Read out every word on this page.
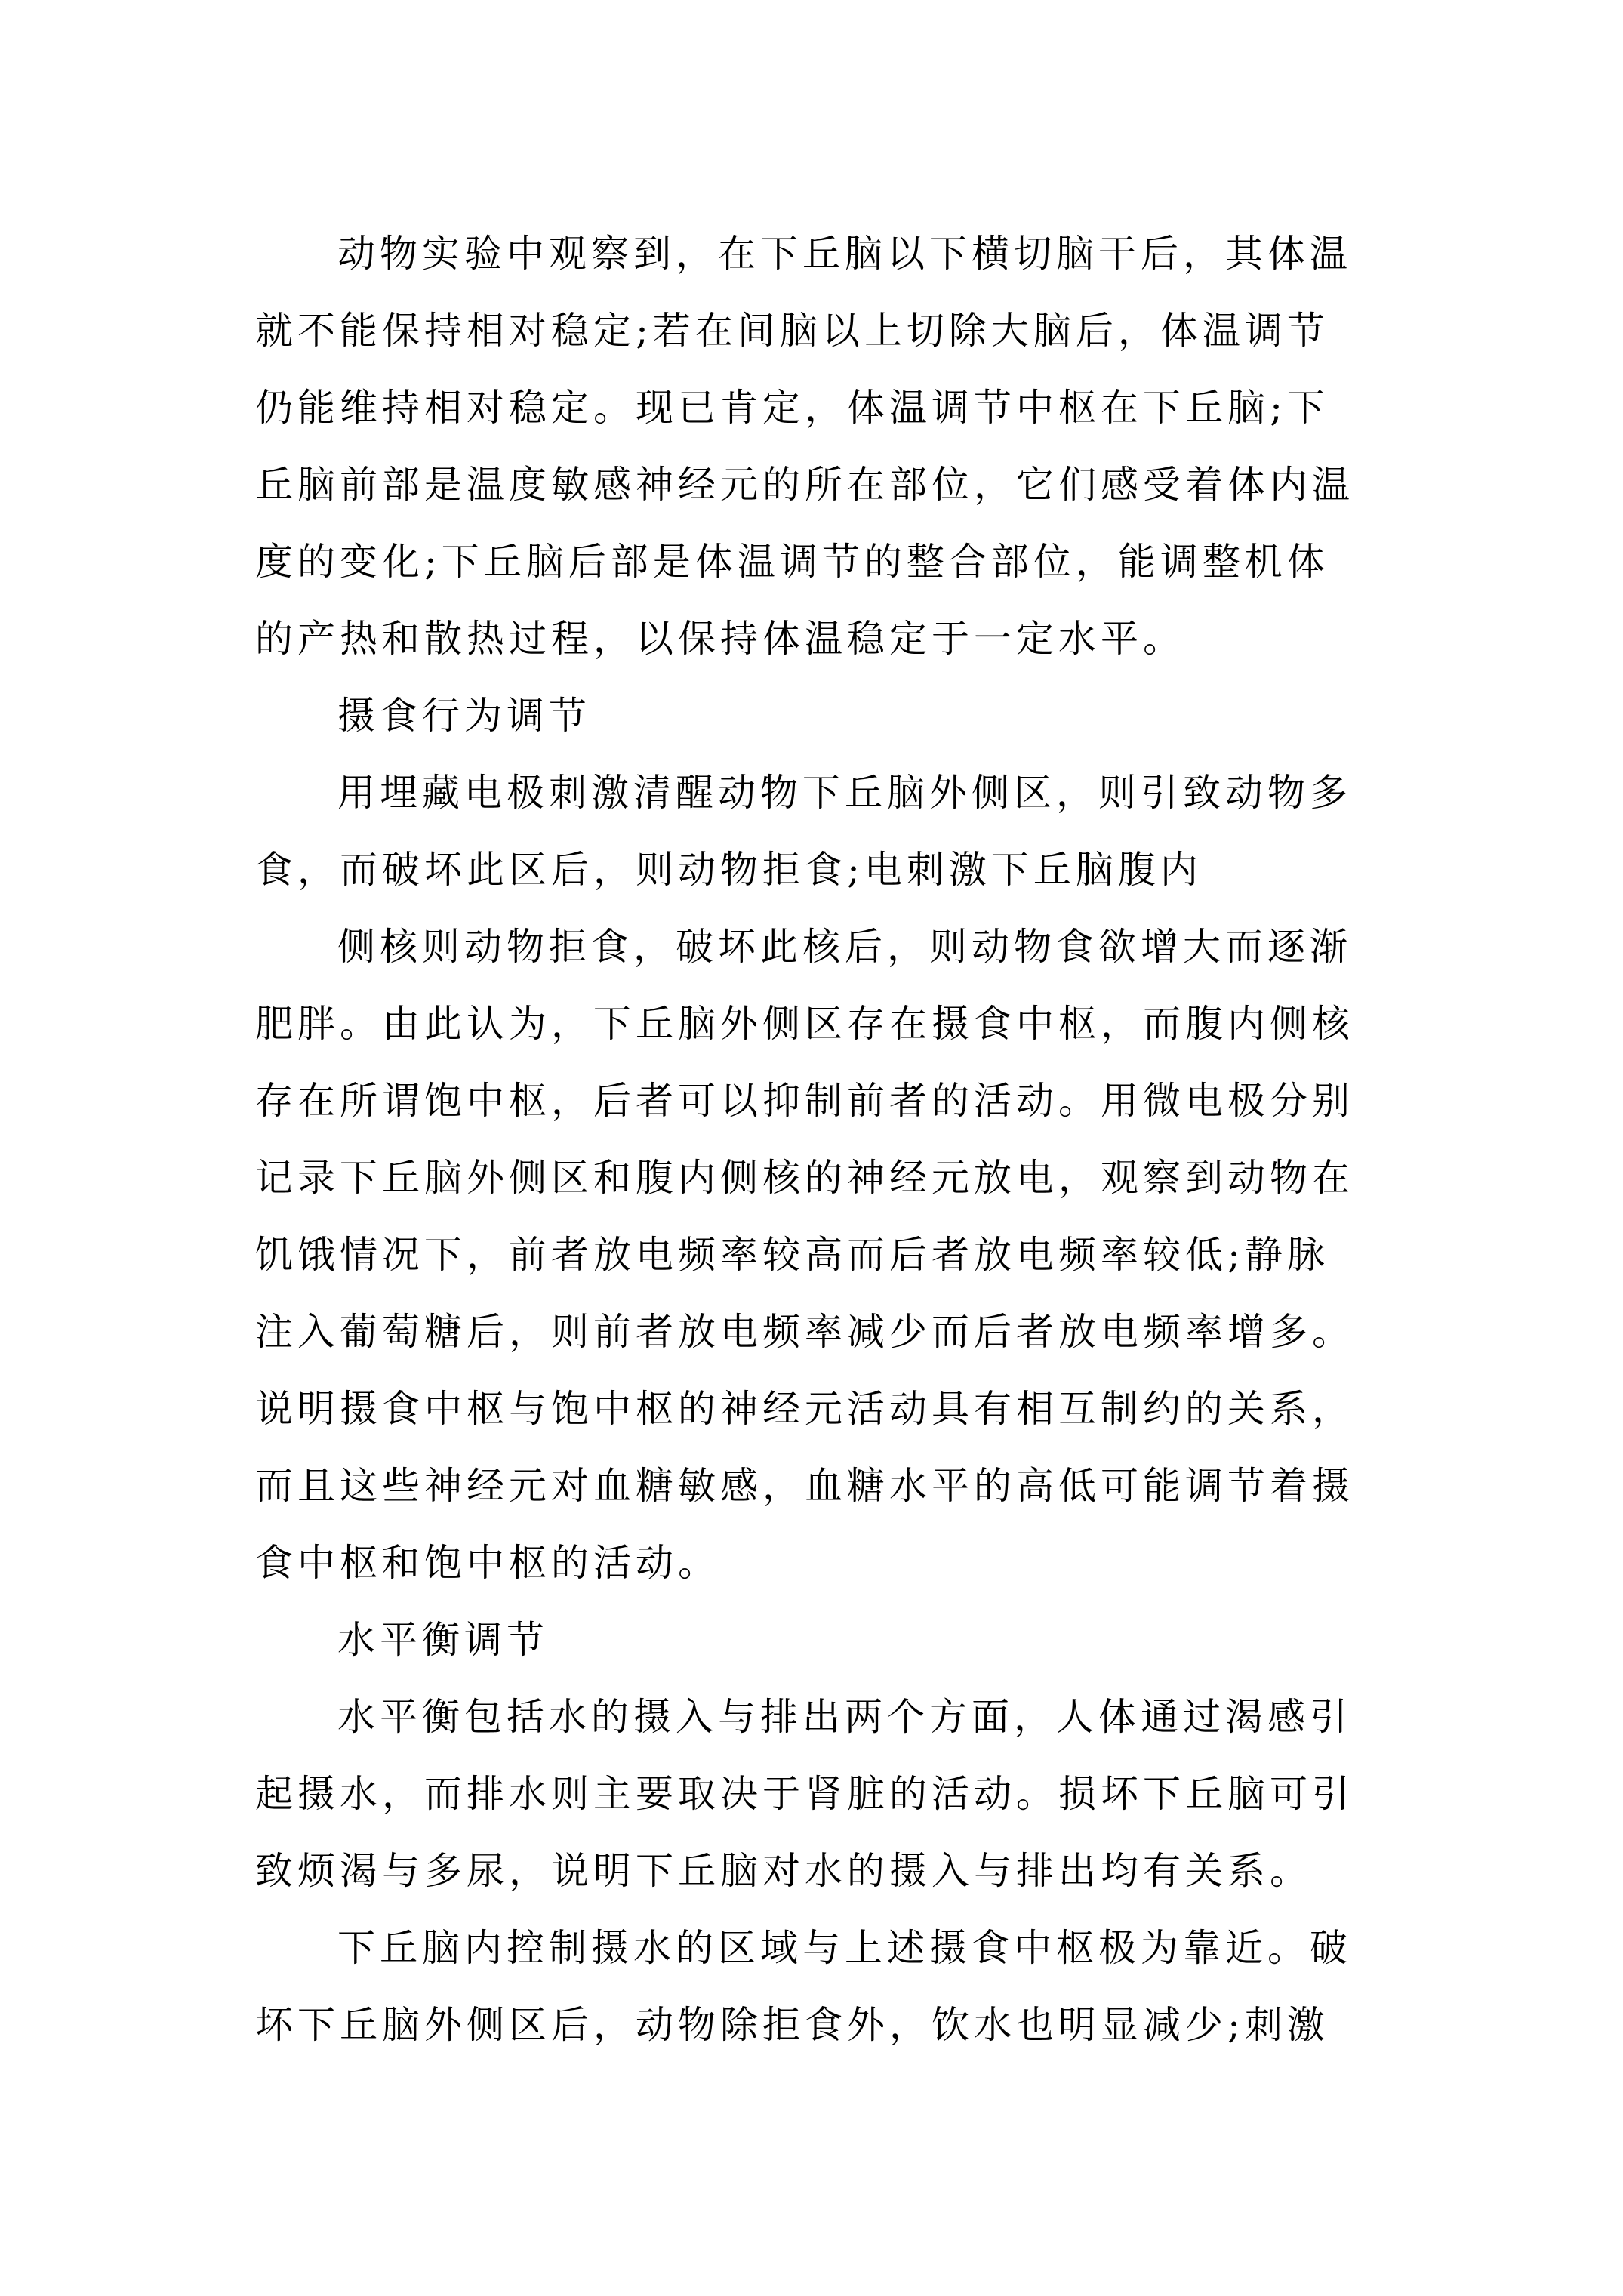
动物实验中观察到，在下丘脑以下横切脑干后，其体温
就不能保持相对稳定;若在间脑以上切除大脑后，体温调节
仍能维持相对稳定。现已肯定，体温调节中枢在下丘脑;下
丘脑前部是温度敏感神经元的所在部位，它们感受着体内温
度的变化;下丘脑后部是体温调节的整合部位，能调整机体
的产热和散热过程，以保持体温稳定于一定水平。
摄食行为调节
用埋藏电极刺激清醒动物下丘脑外侧区，则引致动物多
食，而破坏此区后，则动物拒食;电刺激下丘脑腹内
侧核则动物拒食，破坏此核后，则动物食欲增大而逐渐
肥胖。由此认为，下丘脑外侧区存在摄食中枢，而腹内侧核
存在所谓饱中枢，后者可以抑制前者的活动。用微电极分别
记录下丘脑外侧区和腹内侧核的神经元放电，观察到动物在
饥饿情况下，前者放电频率较高而后者放电频率较低;静脉
注入葡萄糖后，则前者放电频率减少而后者放电频率增多。
说明摄食中枢与饱中枢的神经元活动具有相互制约的关系，
而且这些神经元对血糖敏感，血糖水平的高低可能调节着摄
食中枢和饱中枢的活动。
水平衡调节
水平衡包括水的摄入与排出两个方面，人体通过渴感引
起摄水，而排水则主要取决于肾脏的活动。损坏下丘脑可引
致烦渴与多尿，说明下丘脑对水的摄入与排出均有关系。
下丘脑内控制摄水的区域与上述摄食中枢极为靠近。破
坏下丘脑外侧区后，动物除拒食外，饮水也明显减少;刺激
